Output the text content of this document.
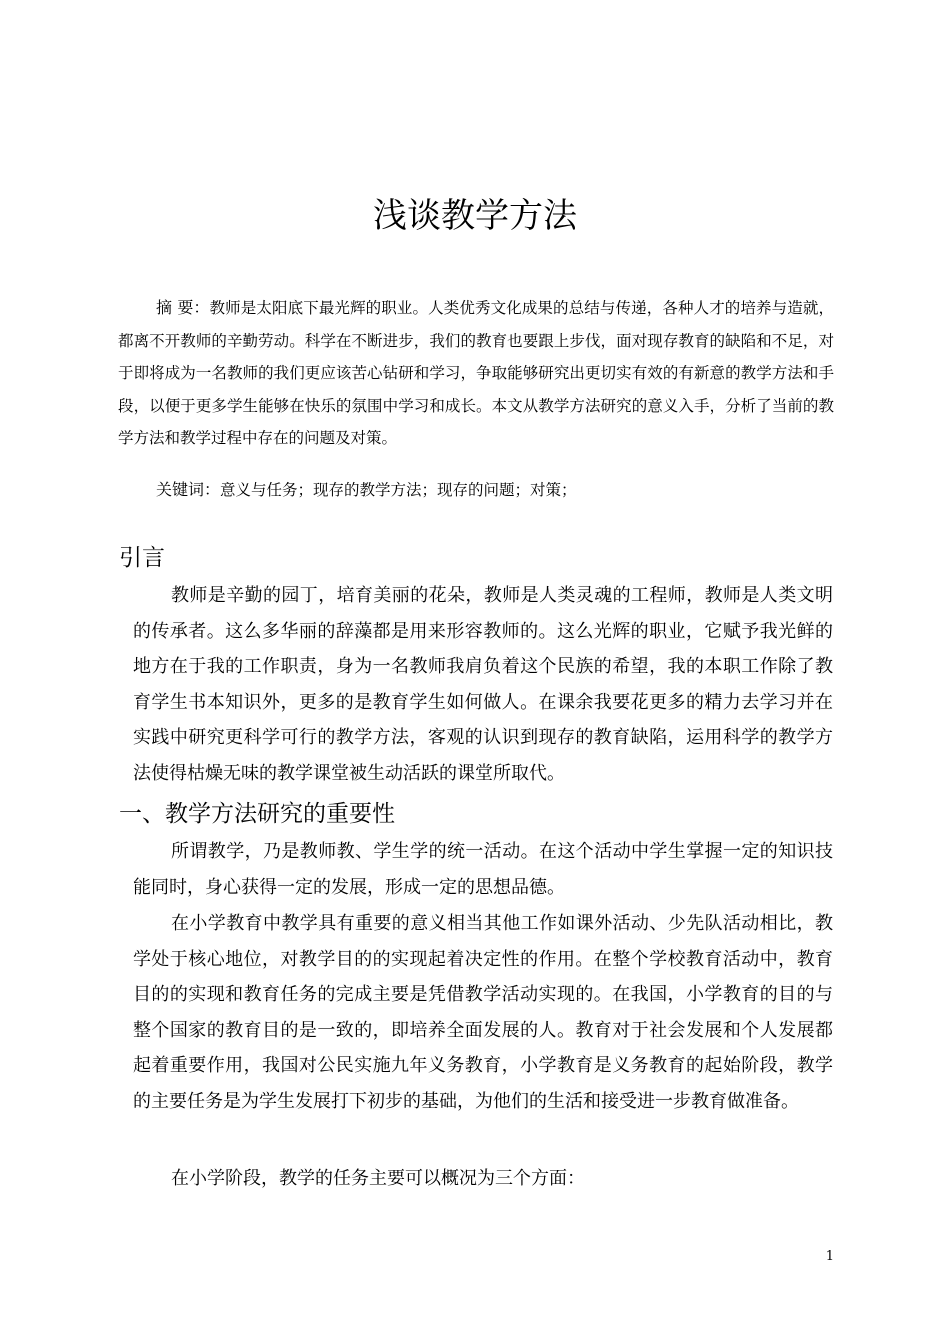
浅谈教学方法

摘 要：教师是太阳底下最光辉的职业。人类优秀文化成果的总结与传递，各种人才的培养与造就，都离不开教师的辛勤劳动。科学在不断进步，我们的教育也要跟上步伐，面对现存教育的缺陷和不足，对于即将成为一名教师的我们更应该苦心钻研和学习，争取能够研究出更切实有效的有新意的教学方法和手段，以便于更多学生能够在快乐的氛围中学习和成长。本文从教学方法研究的意义入手，分析了当前的教学方法和教学过程中存在的问题及对策。

关键词：意义与任务；现存的教学方法；现存的问题；对策；

引言

教师是辛勤的园丁，培育美丽的花朵，教师是人类灵魂的工程师，教师是人类文明的传承者。这么多华丽的辞藻都是用来形容教师的。这么光辉的职业，它赋予我光鲜的地方在于我的工作职责，身为一名教师我肩负着这个民族的希望，我的本职工作除了教育学生书本知识外，更多的是教育学生如何做人。在课余我要花更多的精力去学习并在实践中研究更科学可行的教学方法，客观的认识到现存的教育缺陷，运用科学的教学方法使得枯燥无味的教学课堂被生动活跃的课堂所取代。

一、教学方法研究的重要性

所谓教学，乃是教师教、学生学的统一活动。在这个活动中学生掌握一定的知识技能同时，身心获得一定的发展，形成一定的思想品德。

在小学教育中教学具有重要的意义相当其他工作如课外活动、少先队活动相比，教学处于核心地位，对教学目的的实现起着决定性的作用。在整个学校教育活动中，教育目的的实现和教育任务的完成主要是凭借教学活动实现的。在我国，小学教育的目的与整个国家的教育目的是一致的，即培养全面发展的人。教育对于社会发展和个人发展都起着重要作用，我国对公民实施九年义务教育，小学教育是义务教育的起始阶段，教学的主要任务是为学生发展打下初步的基础，为他们的生活和接受进一步教育做准备。

在小学阶段，教学的任务主要可以概况为三个方面：

1
